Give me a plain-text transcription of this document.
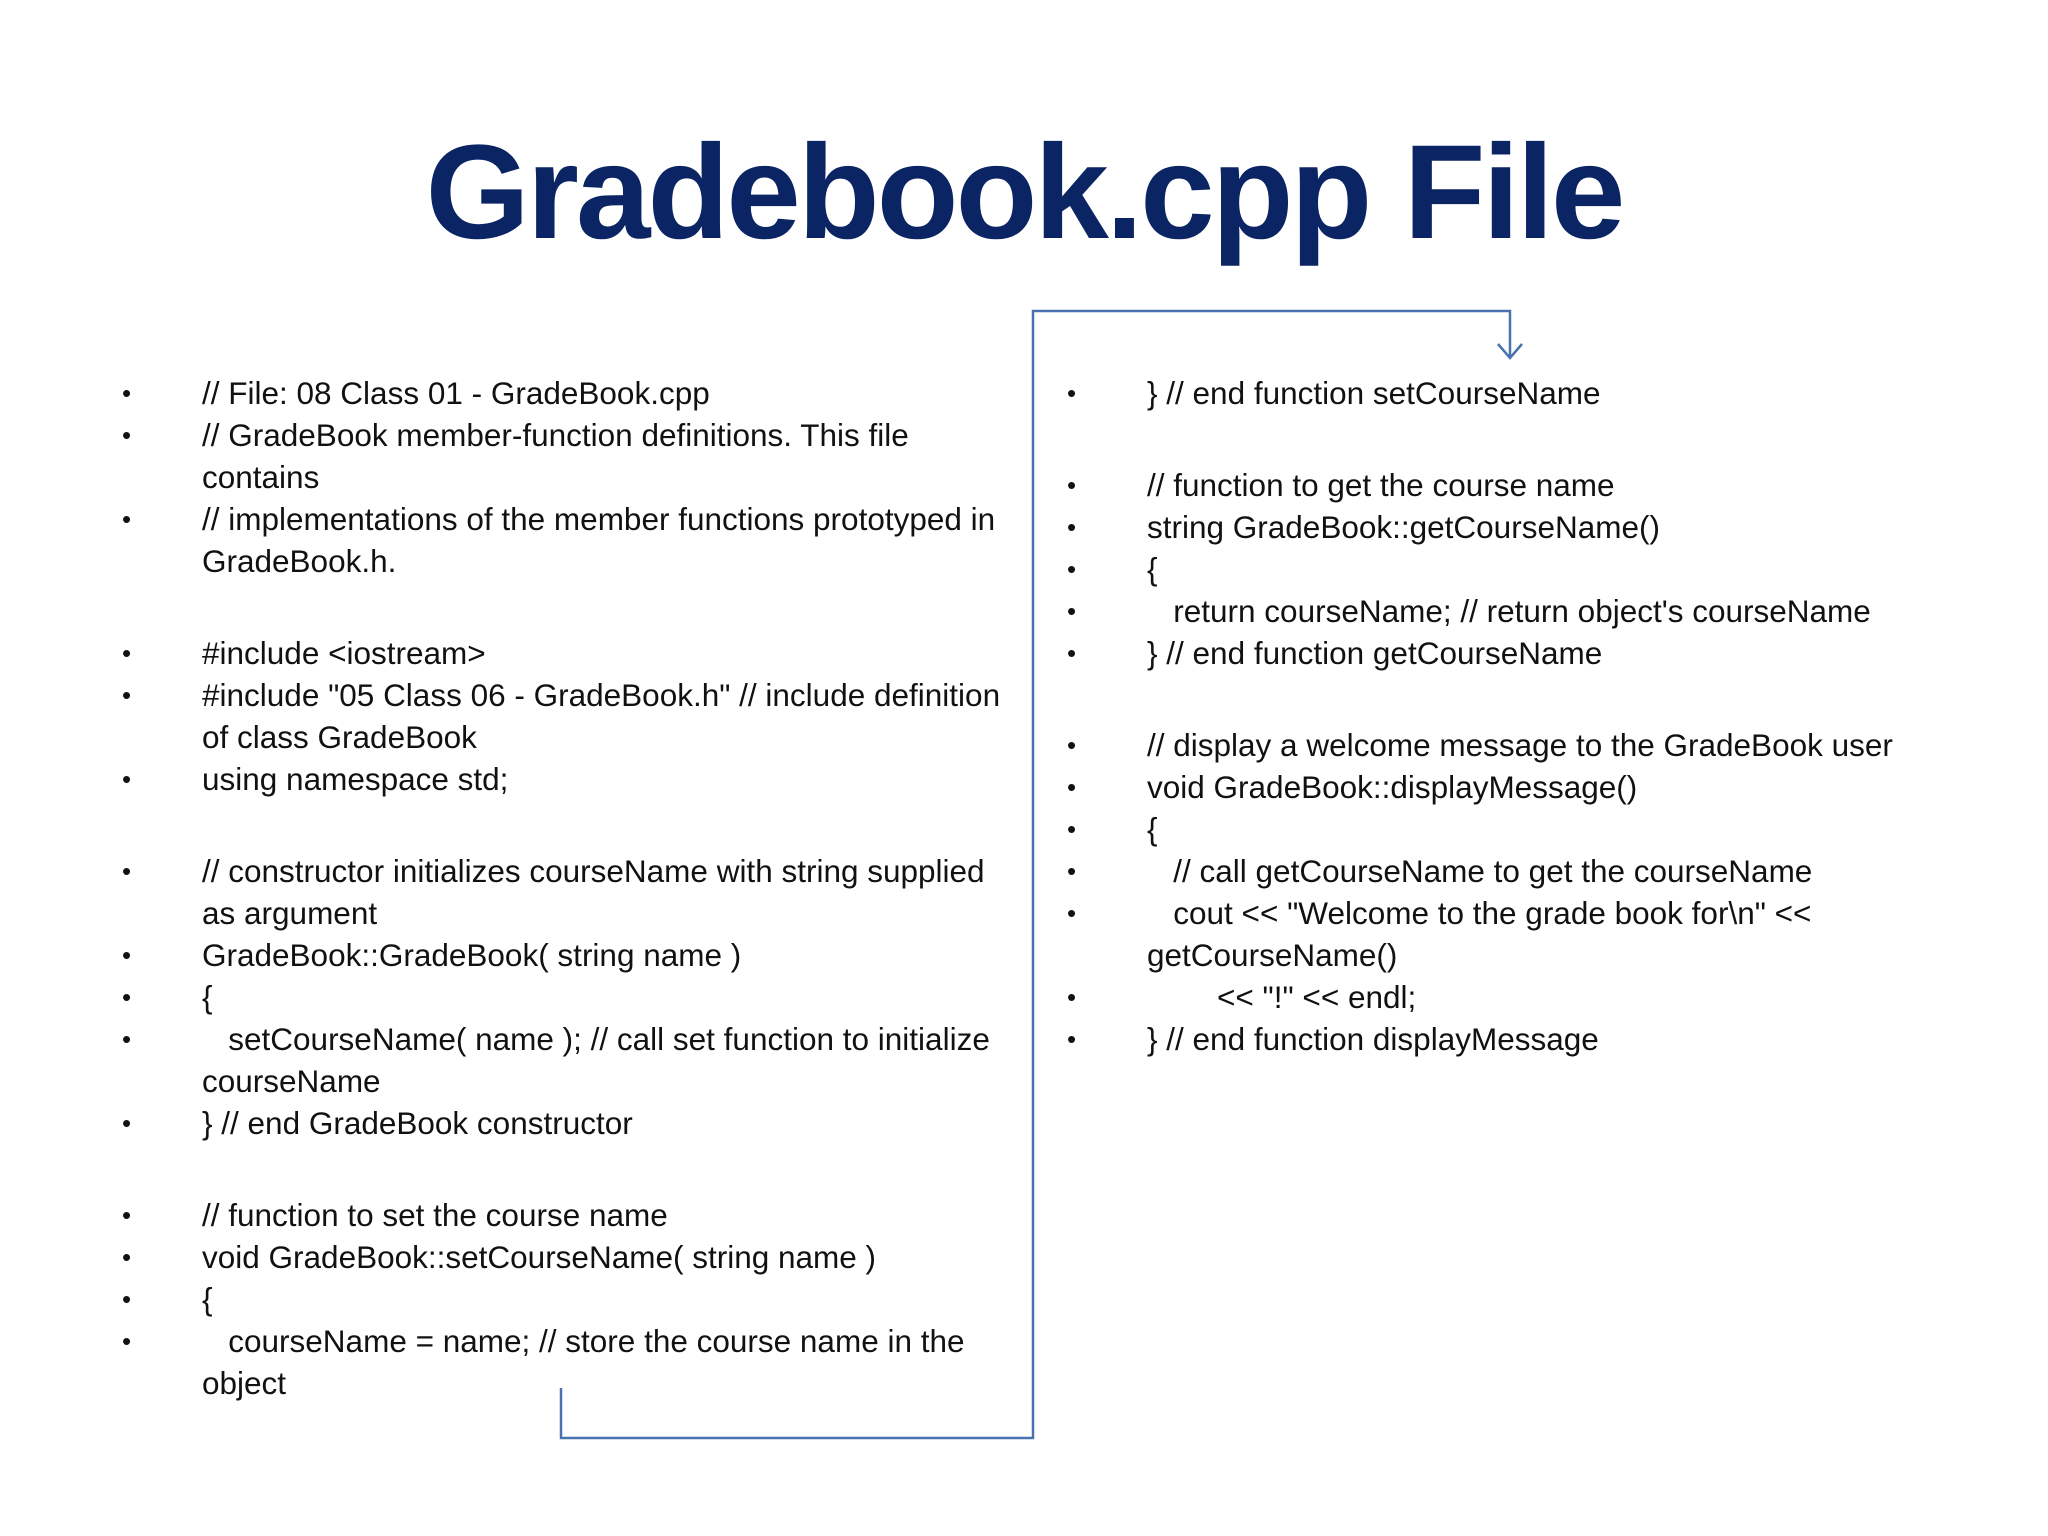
Gradebook.cpp File
• // File: 08 Class 01 - GradeBook.cpp
• // GradeBook member-function definitions. This file contains
• // implementations of the member functions prototyped in GradeBook.h.
• #include <iostream>
• #include "05 Class 06 - GradeBook.h" // include definition of class GradeBook
• using namespace std;
• // constructor initializes courseName with string supplied as argument
• GradeBook::GradeBook( string name )
• {
• setCourseName( name ); // call set function to initialize courseName
• } // end GradeBook constructor
• // function to set the course name
• void GradeBook::setCourseName( string name )
• {
• courseName = name; // store the course name in the object
• } // end function setCourseName
• // function to get the course name
• string GradeBook::getCourseName()
• {
• return courseName; // return object's courseName
• } // end function getCourseName
• // display a welcome message to the GradeBook user
• void GradeBook::displayMessage()
• {
• // call getCourseName to get the courseName
• cout << "Welcome to the grade book for\n" << getCourseName()
• << "!" << endl;
• } // end function displayMessage
